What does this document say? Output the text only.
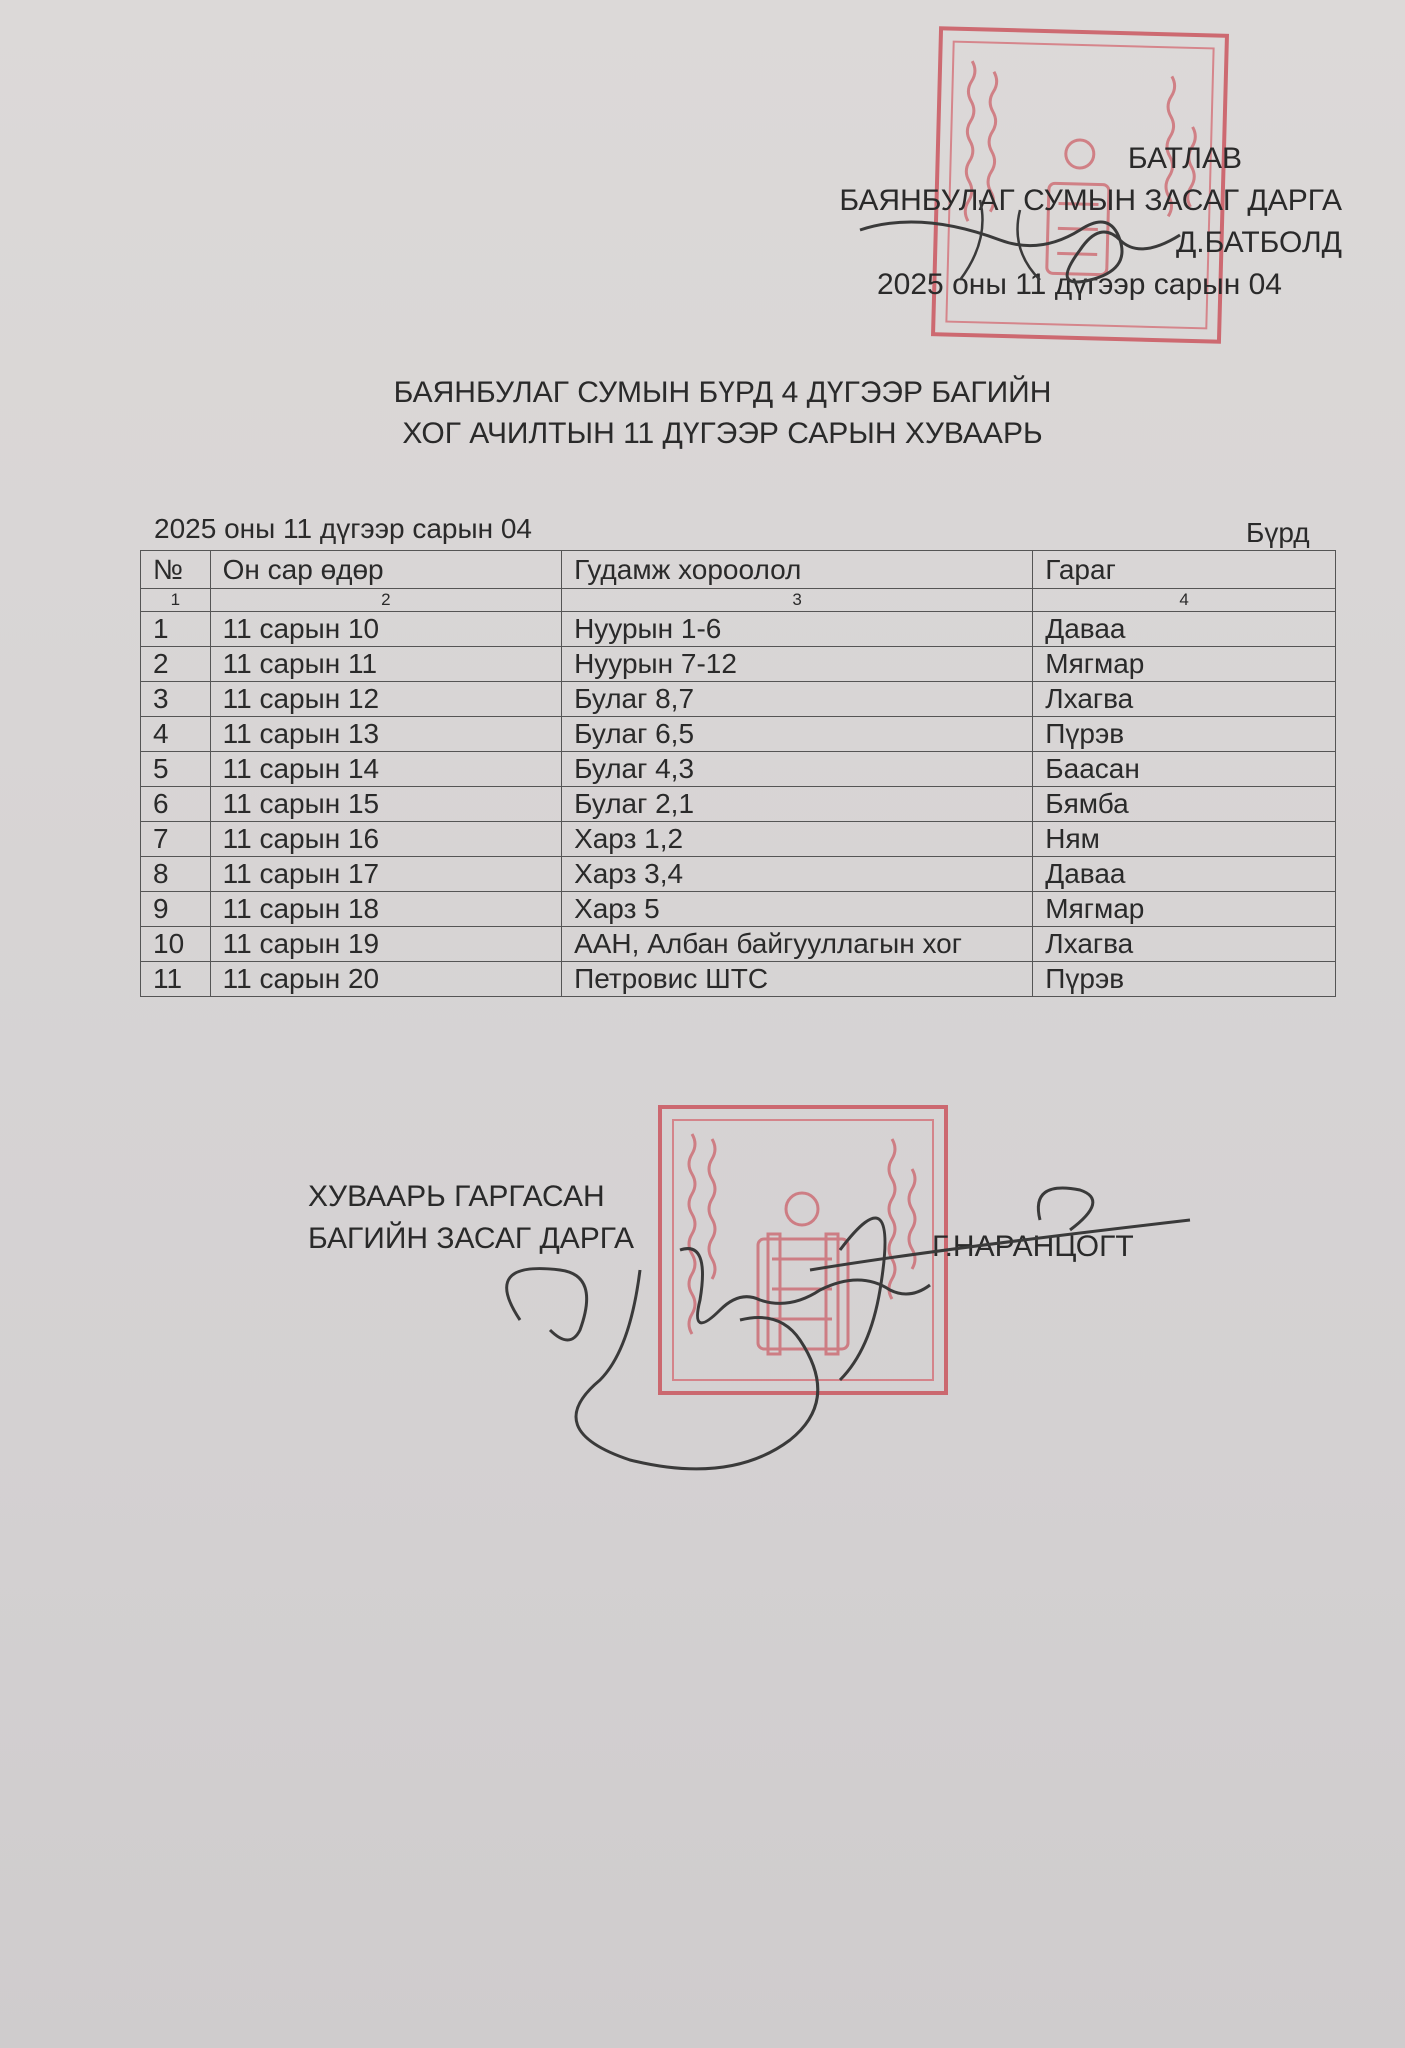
БАТЛАВ
БАЯНБУЛАГ СУМЫН ЗАСАГ ДАРГА
Д.БАТБОЛД
2025 оны 11 дүгээр сарын 04
БАЯНБУЛАГ СУМЫН БҮРД 4 ДҮГЭЭР БАГИЙН
ХОГ АЧИЛТЫН 11 ДҮГЭЭР САРЫН ХУВААРЬ
2025 оны 11 дүгээр сарын 04	Бүрд
№	Он сар өдөр	Гудамж хороолол	Гараг
1	2	3	4
1	11 сарын 10	Нуурын 1-6	Даваа
2	11 сарын 11	Нуурын 7-12	Мягмар
3	11 сарын 12	Булаг 8,7	Лхагва
4	11 сарын 13	Булаг 6,5	Пүрэв
5	11 сарын 14	Булаг 4,3	Баасан
6	11 сарын 15	Булаг 2,1	Бямба
7	11 сарын 16	Харз 1,2	Ням
8	11 сарын 17	Харз 3,4	Даваа
9	11 сарын 18	Харз 5	Мягмар
10	11 сарын 19	ААН, Албан байгууллагын хог	Лхагва
11	11 сарын 20	Петровис ШТС	Пүрэв
ХУВААРЬ ГАРГАСАН
БАГИЙН ЗАСАГ ДАРГА	Г.НАРАНЦОГТ
